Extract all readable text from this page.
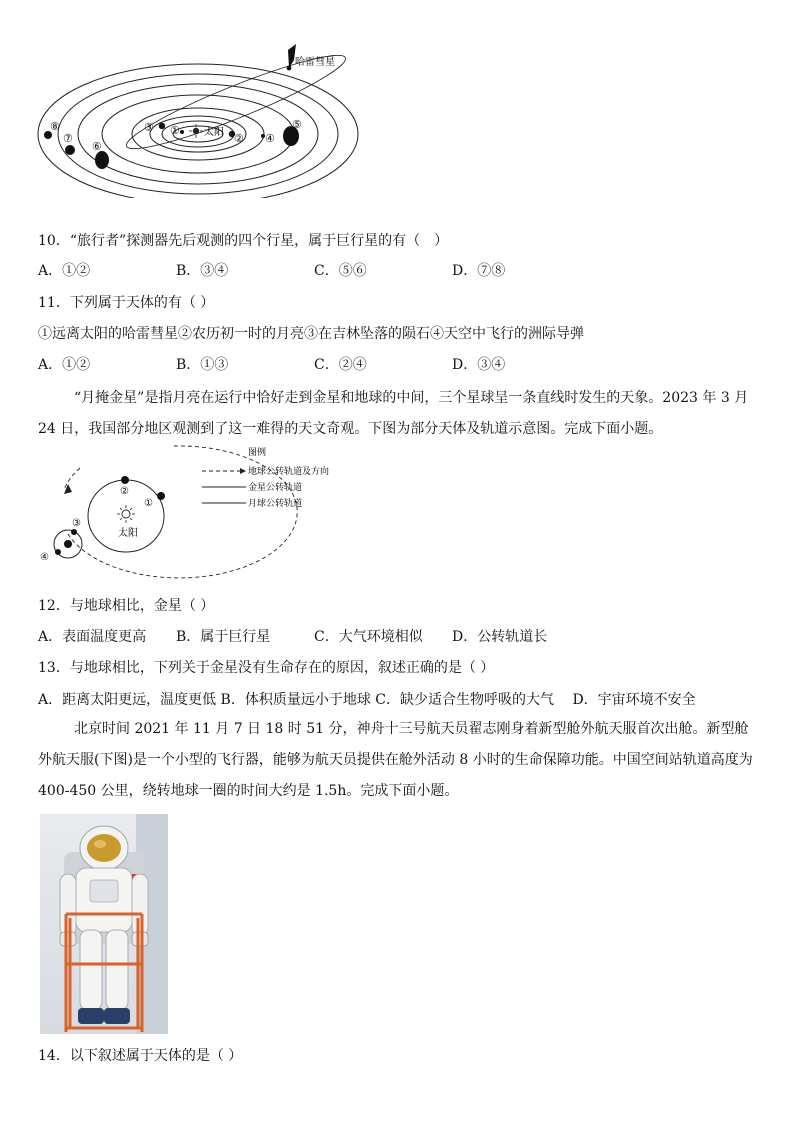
太阳
①
②
③
④
⑤
⑥
⑦
⑧
哈雷彗星
10．“旅行者”探测器先后观测的四个行星，属于巨行星的有（　）
A．①②	B．③④	C．⑤⑥	D．⑦⑧
11．下列属于天体的有（ ）
①远离太阳的哈雷彗星②农历初一时的月亮③在吉林坠落的陨石④天空中飞行的洲际导弹
A．①②	B．①③	C．②④	D．③④
“月掩金星”是指月亮在运行中恰好走到金星和地球的中间，三个星球呈一条直线时发生的天象。2023 年 3 月 24 日，我国部分地区观测到了这一难得的天文奇观。下图为部分天体及轨道示意图。完成下面小题。
太阳
①
②
③
④
图例
地球公转轨道及方向
金星公转轨道
月球公转轨道
12．与地球相比，金星（ ）
A．表面温度更高 B．属于巨行星	C．大气环境相似 D．公转轨道长
13．与地球相比，下列关于金星没有生命存在的原因，叙述正确的是（ ）
A．距离太阳更远，温度更低 B．体积质量远小于地球 C．缺少适合生物呼吸的大气　 D．宇宙环境不安全
北京时间 2021 年 11 月 7 日 18 时 51 分，神舟十三号航天员翟志刚身着新型舱外航天服首次出舱。新型舱外航天服(下图)是一个小型的飞行器，能够为航天员提供在舱外活动 8 小时的生命保障功能。中国空间站轨道高度为 400-450 公里，绕转地球一圈的时间大约是 1.5h。完成下面小题。
14．以下叙述属于天体的是（ ）
